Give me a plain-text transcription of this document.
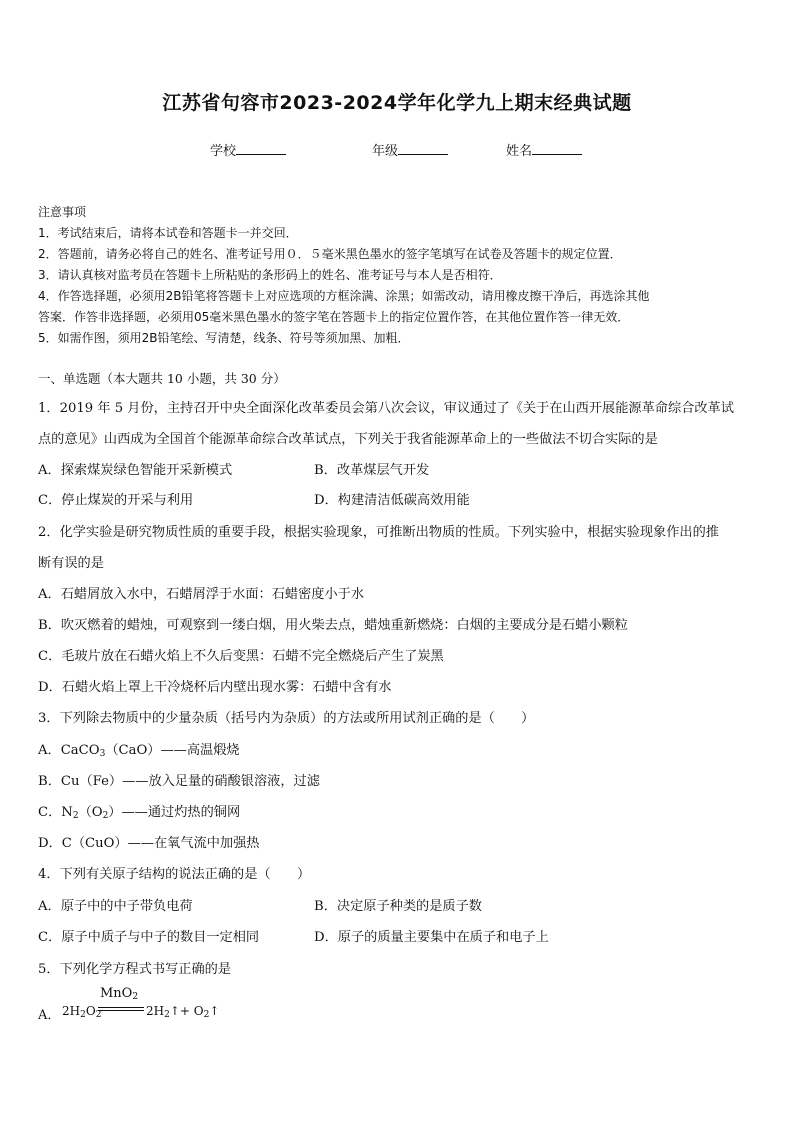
江苏省句容市2023-2024学年化学九上期末经典试题
学校	年级	姓名
注意事项
1．考试结束后，请将本试卷和答题卡一并交回．
2．答题前，请务必将自己的姓名、准考证号用０．５毫米黑色墨水的签字笔填写在试卷及答题卡的规定位置．
3．请认真核对监考员在答题卡上所粘贴的条形码上的姓名、准考证号与本人是否相符．
4．作答选择题，必须用2B铅笔将答题卡上对应选项的方框涂满、涂黑；如需改动，请用橡皮擦干净后，再选涂其他
答案．作答非选择题，必须用05毫米黑色墨水的签字笔在答题卡上的指定位置作答，在其他位置作答一律无效．
5．如需作图，须用2B铅笔绘、写清楚，线条、符号等须加黑、加粗．
一、单选题（本大题共 10 小题，共 30 分）
1．2019 年 5 月份，主持召开中央全面深化改革委员会第八次会议，审议通过了《关于在山西开展能源革命综合改革试
点的意见》山西成为全国首个能源革命综合改革试点，下列关于我省能源革命上的一些做法不切合实际的是
A．探索煤炭绿色智能开采新模式	B．改革煤层气开发
C．停止煤炭的开采与利用	D．构建清洁低碳高效用能
2．化学实验是研究物质性质的重要手段，根据实验现象，可推断出物质的性质。下列实验中，根据实验现象作出的推
断有误的是
A．石蜡屑放入水中，石蜡屑浮于水面：石蜡密度小于水
B．吹灭燃着的蜡烛，可观察到一缕白烟，用火柴去点，蜡烛重新燃烧：白烟的主要成分是石蜡小颗粒
C．毛玻片放在石蜡火焰上不久后变黑：石蜡不完全燃烧后产生了炭黑
D．石蜡火焰上罩上干冷烧杯后内壁出现水雾：石蜡中含有水
3．下列除去物质中的少量杂质（括号内为杂质）的方法或所用试剂正确的是（　　）
A．CaCO$_3$（CaO）——高温煅烧
B．Cu（Fe）——放入足量的硝酸银溶液，过滤
C．$N_2(O_2)——$通过灼热的铜网
D．C（CuO）——在氧气流中加强热
4．下列有关原子结构的说法正确的是（　　）
A．原子中的中子带负电荷	B．决定原子种类的是质子数
C．原子中质子与中子的数目一定相同	D．原子的质量主要集中在质子和电子上
5．下列化学方程式书写正确的是
A． $2H_2O_2$
MnO$_2$
$2H_2↑+$ $O_2↑$
